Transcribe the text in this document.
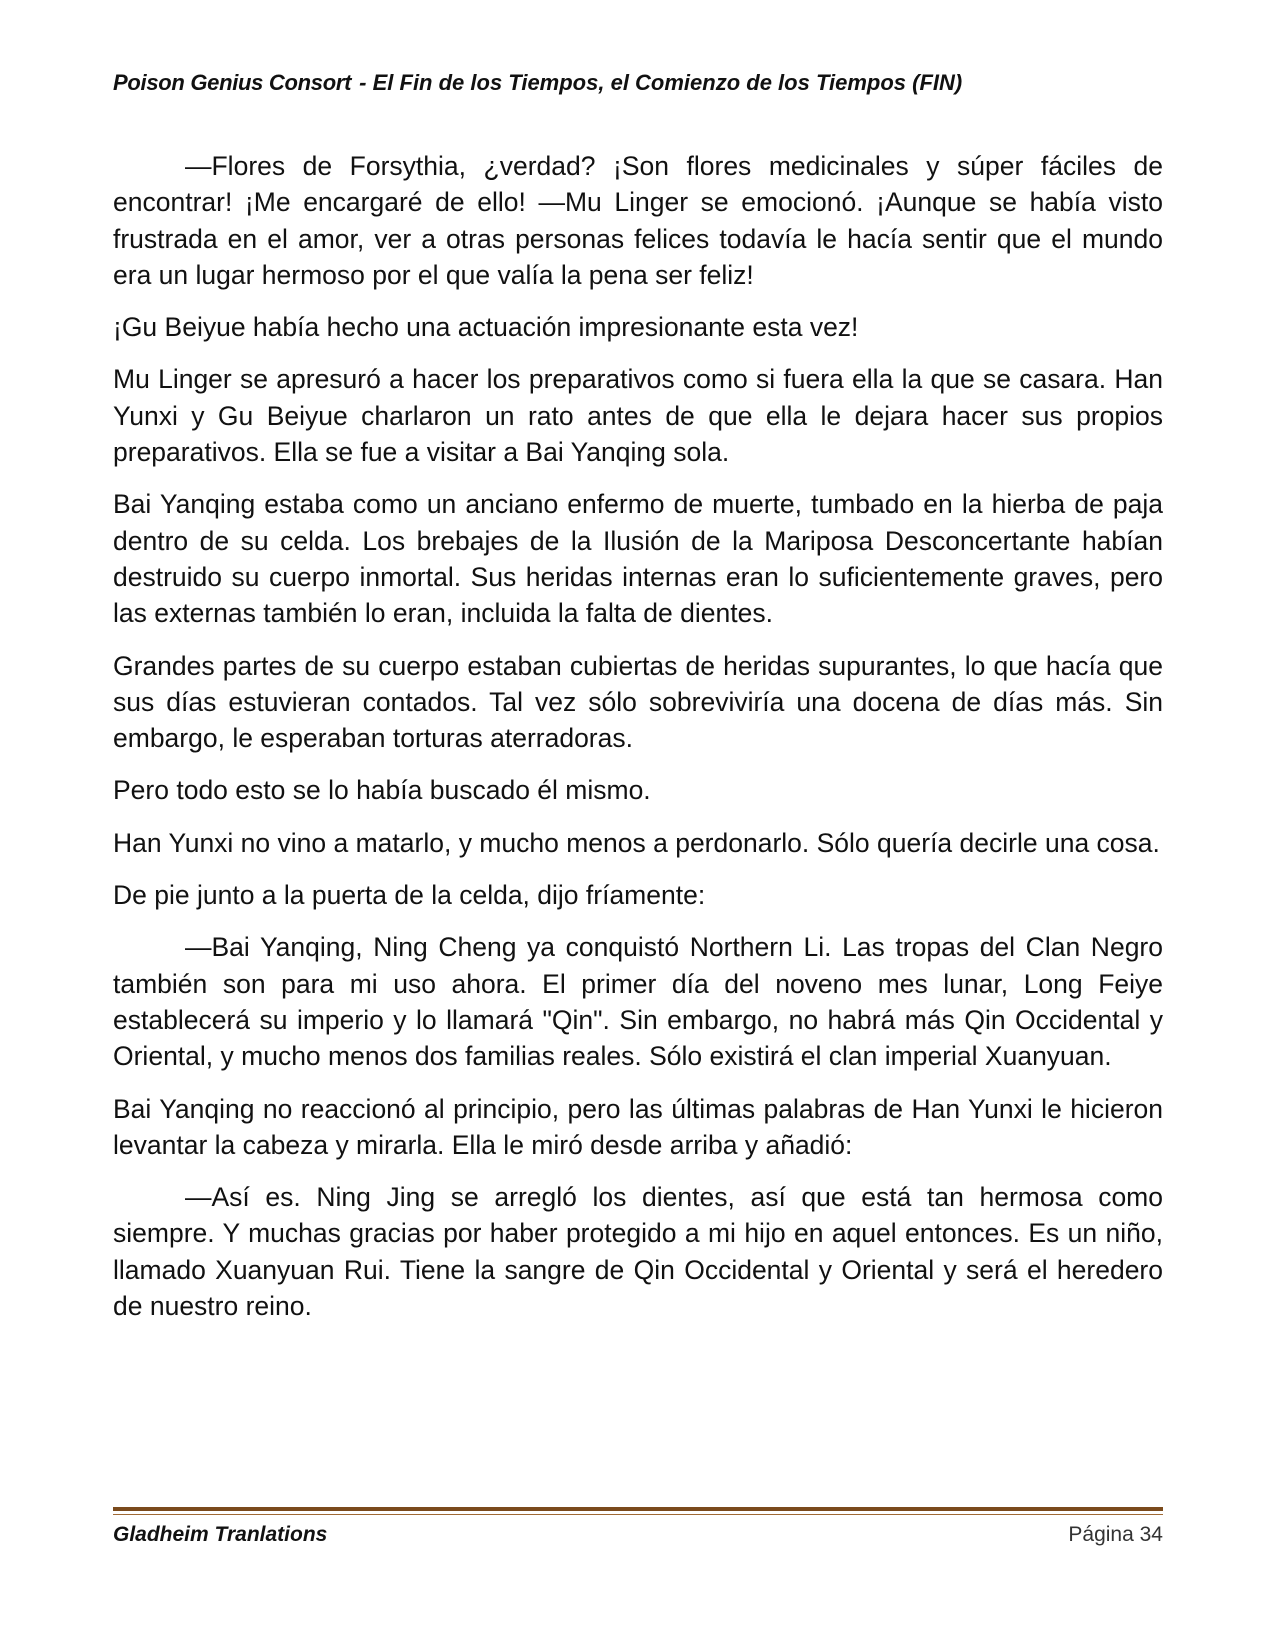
Poison Genius Consort - El Fin de los Tiempos, el Comienzo de los Tiempos (FIN)

—Flores de Forsythia, ¿verdad? ¡Son flores medicinales y súper fáciles de encontrar! ¡Me encargaré de ello! —Mu Linger se emocionó. ¡Aunque se había visto frustrada en el amor, ver a otras personas felices todavía le hacía sentir que el mundo era un lugar hermoso por el que valía la pena ser feliz!

¡Gu Beiyue había hecho una actuación impresionante esta vez!

Mu Linger se apresuró a hacer los preparativos como si fuera ella la que se casara. Han Yunxi y Gu Beiyue charlaron un rato antes de que ella le dejara hacer sus propios preparativos. Ella se fue a visitar a Bai Yanqing sola.

Bai Yanqing estaba como un anciano enfermo de muerte, tumbado en la hierba de paja dentro de su celda. Los brebajes de la Ilusión de la Mariposa Desconcertante habían destruido su cuerpo inmortal. Sus heridas internas eran lo suficientemente graves, pero las externas también lo eran, incluida la falta de dientes.

Grandes partes de su cuerpo estaban cubiertas de heridas supurantes, lo que hacía que sus días estuvieran contados. Tal vez sólo sobreviviría una docena de días más. Sin embargo, le esperaban torturas aterradoras.

Pero todo esto se lo había buscado él mismo.

Han Yunxi no vino a matarlo, y mucho menos a perdonarlo. Sólo quería decirle una cosa.

De pie junto a la puerta de la celda, dijo fríamente:

—Bai Yanqing, Ning Cheng ya conquistó Northern Li. Las tropas del Clan Negro también son para mi uso ahora. El primer día del noveno mes lunar, Long Feiye establecerá su imperio y lo llamará "Qin". Sin embargo, no habrá más Qin Occidental y Oriental, y mucho menos dos familias reales. Sólo existirá el clan imperial Xuanyuan.

Bai Yanqing no reaccionó al principio, pero las últimas palabras de Han Yunxi le hicieron levantar la cabeza y mirarla. Ella le miró desde arriba y añadió:

—Así es. Ning Jing se arregló los dientes, así que está tan hermosa como siempre. Y muchas gracias por haber protegido a mi hijo en aquel entonces. Es un niño, llamado Xuanyuan Rui. Tiene la sangre de Qin Occidental y Oriental y será el heredero de nuestro reino.

Gladheim Tranlations	Página 34
